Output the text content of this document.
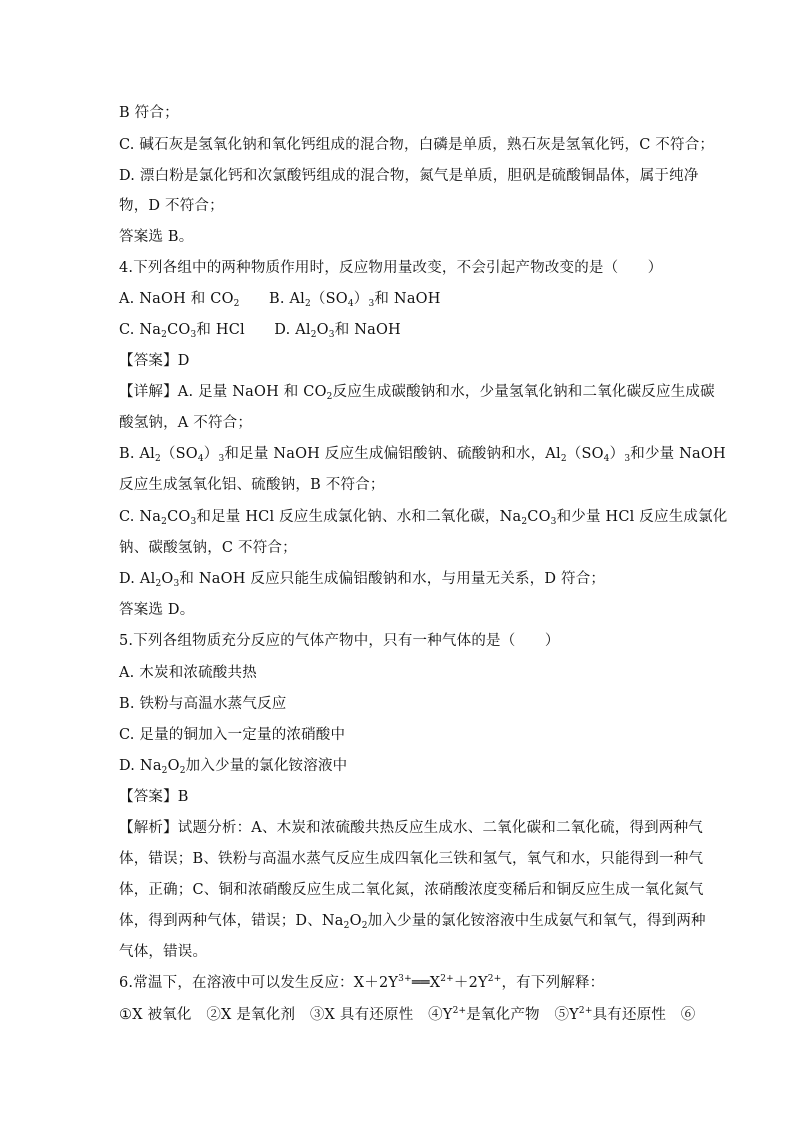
B 符合；
C. 碱石灰是氢氧化钠和氧化钙组成的混合物，白磷是单质，熟石灰是氢氧化钙，C 不符合；
D. 漂白粉是氯化钙和次氯酸钙组成的混合物，氮气是单质，胆矾是硫酸铜晶体，属于纯净
物，D 不符合；
答案选 B。
4.下列各组中的两种物质作用时，反应物用量改变，不会引起产物改变的是（　　）
A. NaOH 和 $CO_2$　　B. $Al_2(SO_4)_3$和 NaOH
C. $Na_2CO_3$和 HCl　　D. $Al_2O_3$和 NaOH
【答案】D
【详解】A. 足量 NaOH 和 $CO_2$反应生成碳酸钠和水，少量氢氧化钠和二氧化碳反应生成碳
酸氢钠，A 不符合；
B. $Al_2(SO_4)_3$和足量 NaOH 反应生成偏铝酸钠、硫酸钠和水，$Al_2(SO_4)_3$和少量 NaOH
反应生成氢氧化铝、硫酸钠，B 不符合；
C. $Na_2CO_3$和足量 HCl 反应生成氯化钠、水和二氧化碳，$Na_2CO_3$和少量 HCl 反应生成氯化
钠、碳酸氢钠，C 不符合；
D. $Al_2O_3$和 NaOH 反应只能生成偏铝酸钠和水，与用量无关系，D 符合；
答案选 D。
5.下列各组物质充分反应的气体产物中，只有一种气体的是（　　）
A. 木炭和浓硫酸共热
B. 铁粉与高温水蒸气反应
C. 足量的铜加入一定量的浓硝酸中
D. $Na_2O_2$加入少量的氯化铵溶液中
【答案】B
【解析】试题分析：A、木炭和浓硫酸共热反应生成水、二氧化碳和二氧化硫，得到两种气
体，错误；B、铁粉与高温水蒸气反应生成四氧化三铁和氢气，氧气和水，只能得到一种气
体，正确；C、铜和浓硝酸反应生成二氧化氮，浓硝酸浓度变稀后和铜反应生成一氧化氮气
体，得到两种气体，错误；D、$Na_2O_2$加入少量的氯化铵溶液中生成氨气和氧气，得到两种
气体，错误。
6.常温下，在溶液中可以发生反应：$X+2Y^{3+}══X^{2+}+2Y^{2+}$，有下列解释：
①X 被氧化　②X 是氧化剂　③X 具有还原性　$④Y^{2+}$是氧化产物　$⑤Y^{2+}$具有还原性　⑥
